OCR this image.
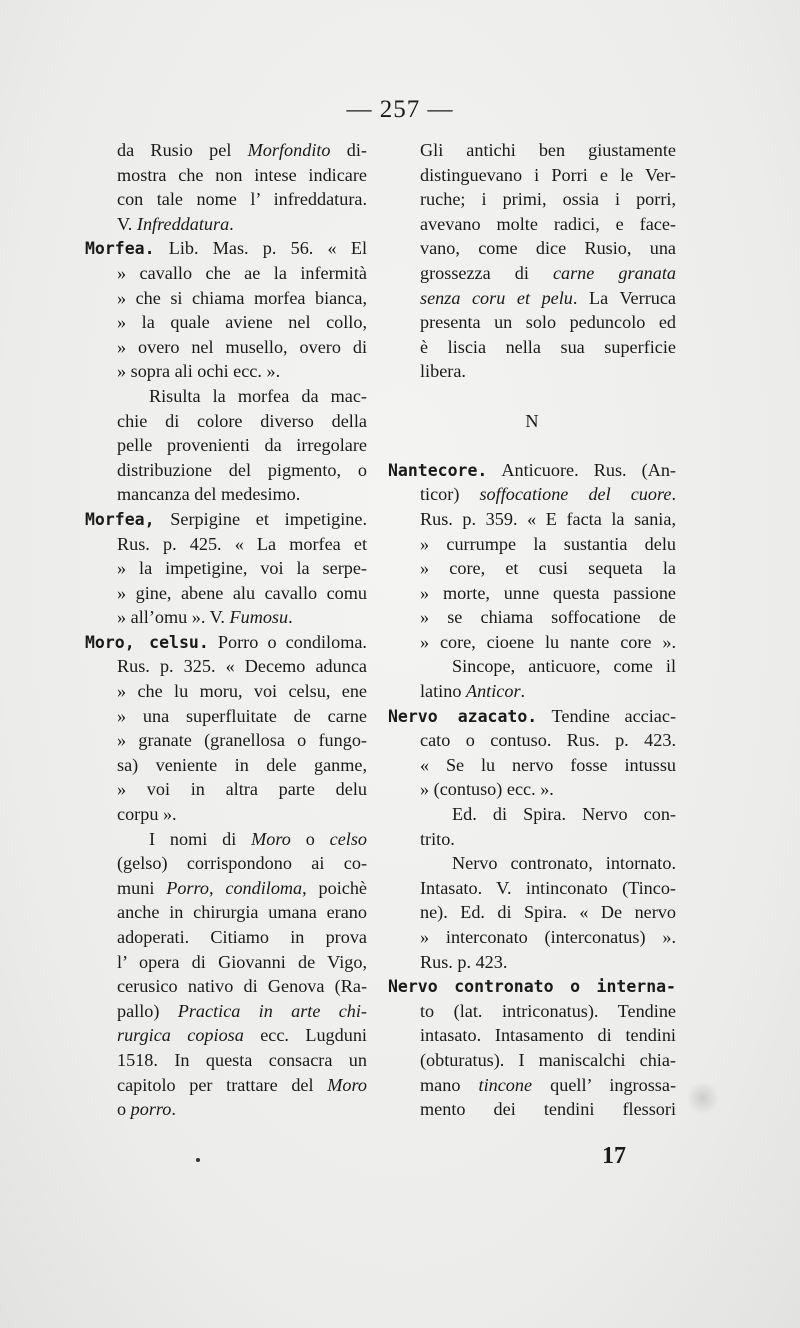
— 257 —
da Rusio pel Morfondito di-
mostra che non intese indicare
con tale nome l’ infreddatura.
V. Infreddatura.
Morfea. Lib. Mas. p. 56. « El
» cavallo che ae la infermità
» che si chiama morfea bianca,
» la quale aviene nel collo,
» overo nel musello, overo di
» sopra ali ochi ecc. ».
Risulta la morfea da mac-
chie di colore diverso della
pelle provenienti da irregolare
distribuzione del pigmento, o
mancanza del medesimo.
Morfea, Serpigine et impetigine.
Rus. p. 425. « La morfea et
» la impetigine, voi la serpe-
» gine, abene alu cavallo comu
» all’omu ». V. Fumosu.
Moro, celsu. Porro o condiloma.
Rus. p. 325. « Decemo adunca
» che lu moru, voi celsu, ene
» una superfluitate de carne
» granate (granellosa o fungo-
sa) veniente in dele ganme,
» voi in altra parte delu
corpu ».
I nomi di Moro o celso
(gelso) corrispondono ai co-
muni Porro, condiloma, poichè
anche in chirurgia umana erano
adoperati. Citiamo in prova
l’ opera di Giovanni de Vigo,
cerusico nativo di Genova (Ra-
pallo) Practica in arte chi-
rurgica copiosa ecc. Lugduni
1518. In questa consacra un
capitolo per trattare del Moro
o porro.
Gli antichi ben giustamente
distinguevano i Porri e le Ver-
ruche; i primi, ossia i porri,
avevano molte radici, e face-
vano, come dice Rusio, una
grossezza di carne granata
senza coru et pelu. La Verruca
presenta un solo peduncolo ed
è liscia nella sua superficie
libera.
N
Nantecore. Anticuore. Rus. (An-
ticor) soffocatione del cuore.
Rus. p. 359. « E facta la sania,
» currumpe la sustantia delu
» core, et cusi sequeta la
» morte, unne questa passione
» se chiama soffocatione de
» core, cioene lu nante core ».
Sincope, anticuore, come il
latino Anticor.
Nervo azacato. Tendine acciac-
cato o contuso. Rus. p. 423.
« Se lu nervo fosse intussu
» (contuso) ecc. ».
Ed. di Spira. Nervo con-
trito.
Nervo contronato, intornato.
Intasato. V. intinconato (Tinco-
ne). Ed. di Spira. « De nervo
» interconato (interconatus) ».
Rus. p. 423.
Nervo contronato o interna-
to (lat. intriconatus). Tendine
intasato. Intasamento di tendini
(obturatus). I maniscalchi chia-
mano tincone quell’ ingrossa-
mento dei tendini flessori
17
